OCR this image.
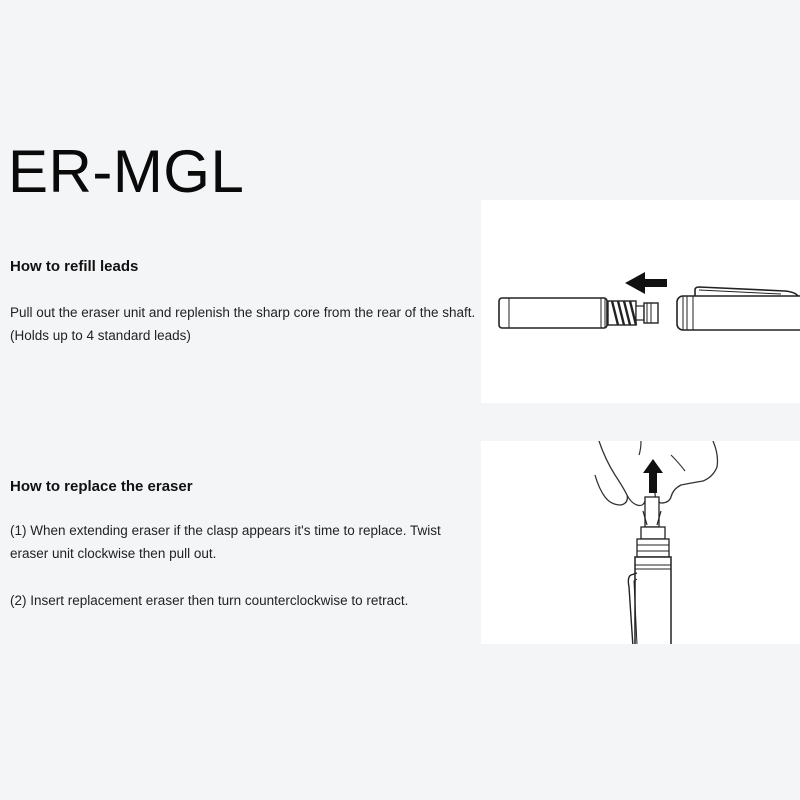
ER-MGL
How to refill leads

Pull out the eraser unit and replenish the sharp core from the rear of the shaft. (Holds up to 4 standard leads)

How to replace the eraser

(1) When extending eraser if the clasp appears it's time to replace. Twist eraser unit clockwise then pull out.

(2) Insert replacement eraser then turn counterclockwise to retract.
